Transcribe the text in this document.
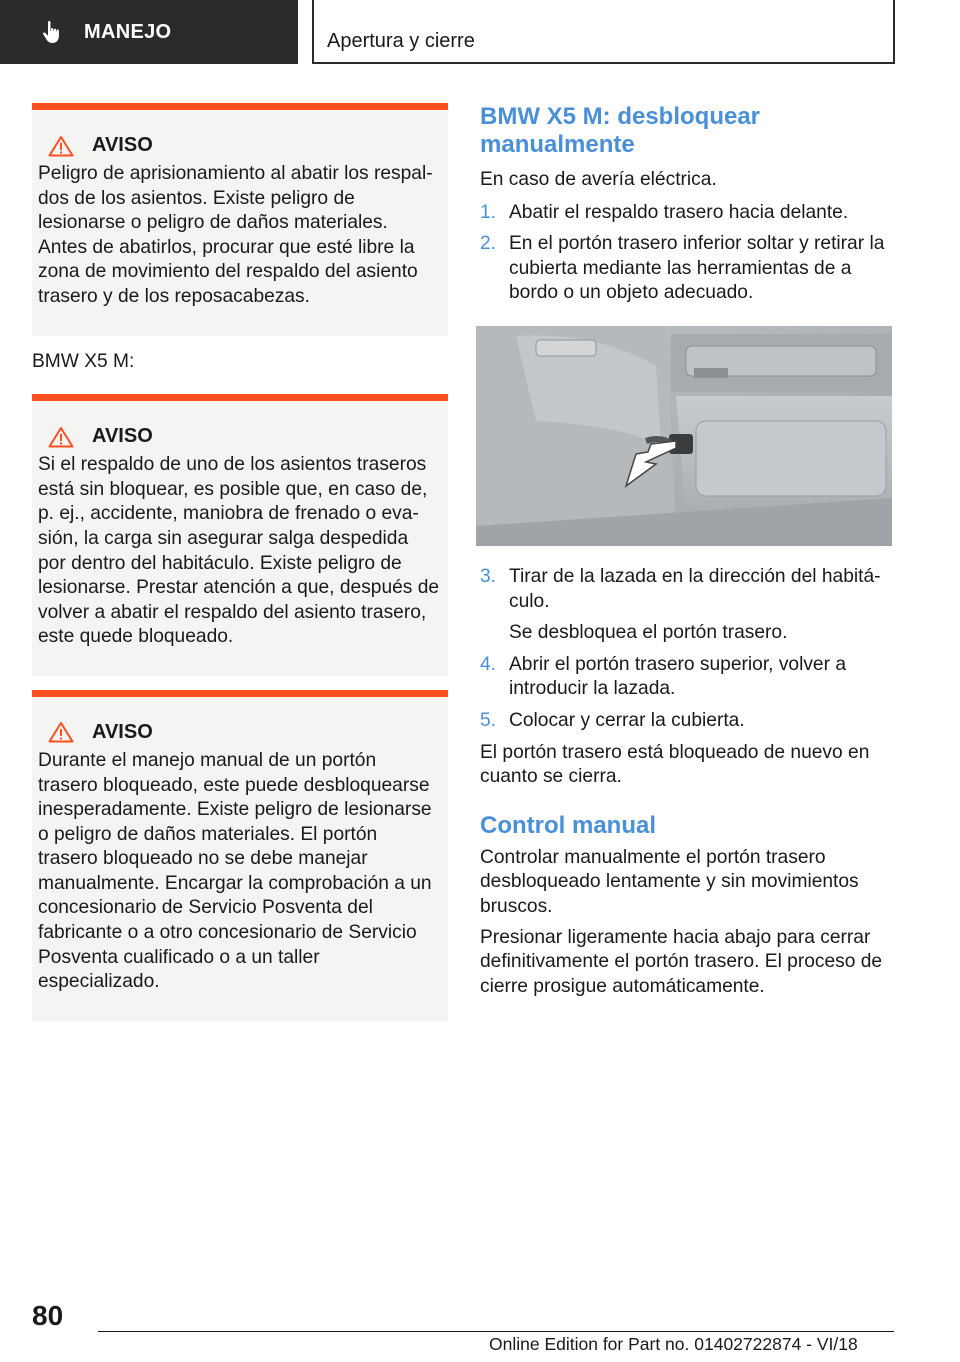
MANEJO	Apertura y cierre
AVISO

Peligro de aprisionamiento al abatir los respaldos de los asientos. Existe peligro de lesionarse o peligro de daños materiales. Antes de abatirlos, procurar que esté libre la zona de movimiento del respaldo del asiento trasero y de los reposacabezas.

BMW X5 M:

AVISO

Si el respaldo de uno de los asientos traseros está sin bloquear, es posible que, en caso de, p. ej., accidente, maniobra de frenado o evasión, la carga sin asegurar salga despedida por dentro del habitáculo. Existe peligro de lesionarse. Prestar atención a que, después de volver a abatir el respaldo del asiento trasero, este quede bloqueado.

AVISO

Durante el manejo manual de un portón trasero bloqueado, este puede desbloquearse inesperadamente. Existe peligro de lesionarse o peligro de daños materiales. El portón trasero bloqueado no se debe manejar manualmente. Encargar la comprobación a un concesionario de Servicio Posventa del fabricante o a otro concesionario de Servicio Posventa cualificado o a un taller especializado.

BMW X5 M: desbloquear manualmente

En caso de avería eléctrica.

1. Abatir el respaldo trasero hacia delante.
2. En el portón trasero inferior soltar y retirar la cubierta mediante las herramientas de a bordo o un objeto adecuado.
3. Tirar de la lazada en la dirección del habitáculo.
Se desbloquea el portón trasero.
4. Abrir el portón trasero superior, volver a introducir la lazada.
5. Colocar y cerrar la cubierta.

El portón trasero está bloqueado de nuevo en cuanto se cierra.

Control manual

Controlar manualmente el portón trasero desbloqueado lentamente y sin movimientos bruscos.

Presionar ligeramente hacia abajo para cerrar definitivamente el portón trasero. El proceso de cierre prosigue automáticamente.

80
Online Edition for Part no. 01402722874 - VI/18
